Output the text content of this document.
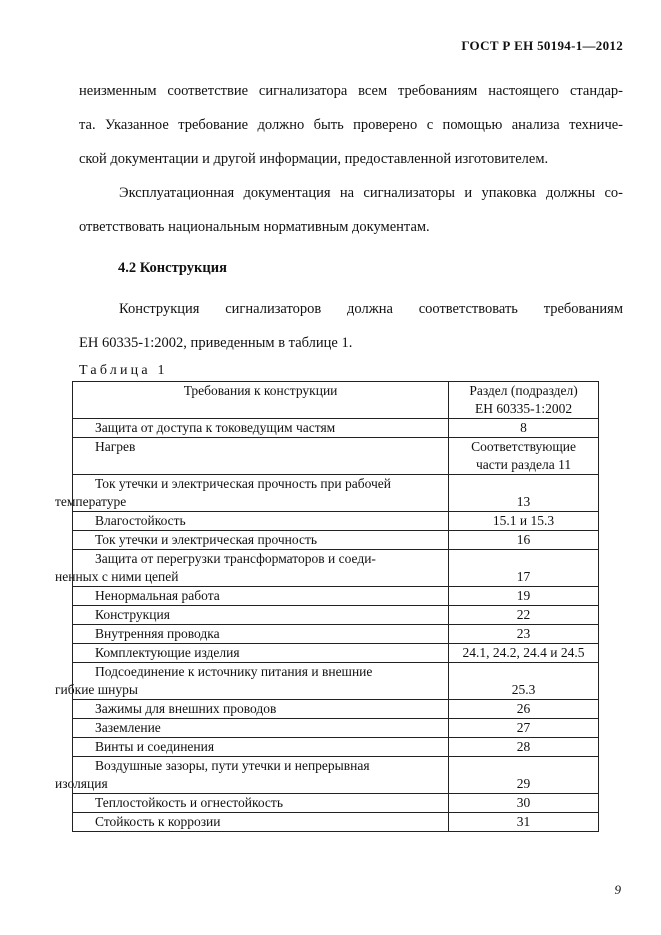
ГОСТ Р ЕН 50194-1—2012

неизменным соответствие сигнализатора всем требованиям настоящего стандар-
та. Указанное требование должно быть проверено с помощью анализа техниче-
ской документации и другой информации, предоставленной изготовителем.

Эксплуатационная документация на сигнализаторы и упаковка должны со-
ответствовать национальным нормативным документам.

4.2 Конструкция
Конструкция сигнализаторов должна соответствовать требованиям
ЕН 60335-1:2002, приведенным в таблице 1.
Таблица 1
Требования к конструкции	Раздел (подраздел)
ЕН 60335-1:2002
Защита от доступа к токоведущим частям	8
Нагрев	Соответствующие
части раздела 11
Ток утечки и электрическая прочность при рабочей
температуре	13
Влагостойкость	15.1 и 15.3
Ток утечки и электрическая прочность	16
Защита от перегрузки трансформаторов и соеди-
ненных с ними цепей	17
Ненормальная работа	19
Конструкция	22
Внутренняя проводка	23
Комплектующие изделия	24.1, 24.2, 24.4 и 24.5
Подсоединение к источнику питания и внешние
гибкие шнуры	25.3
Зажимы для внешних проводов	26
Заземление	27
Винты и соединения	28
Воздушные зазоры, пути утечки и непрерывная
изоляция	29
Теплостойкость и огнестойкость	30
Стойкость к коррозии	31
9
